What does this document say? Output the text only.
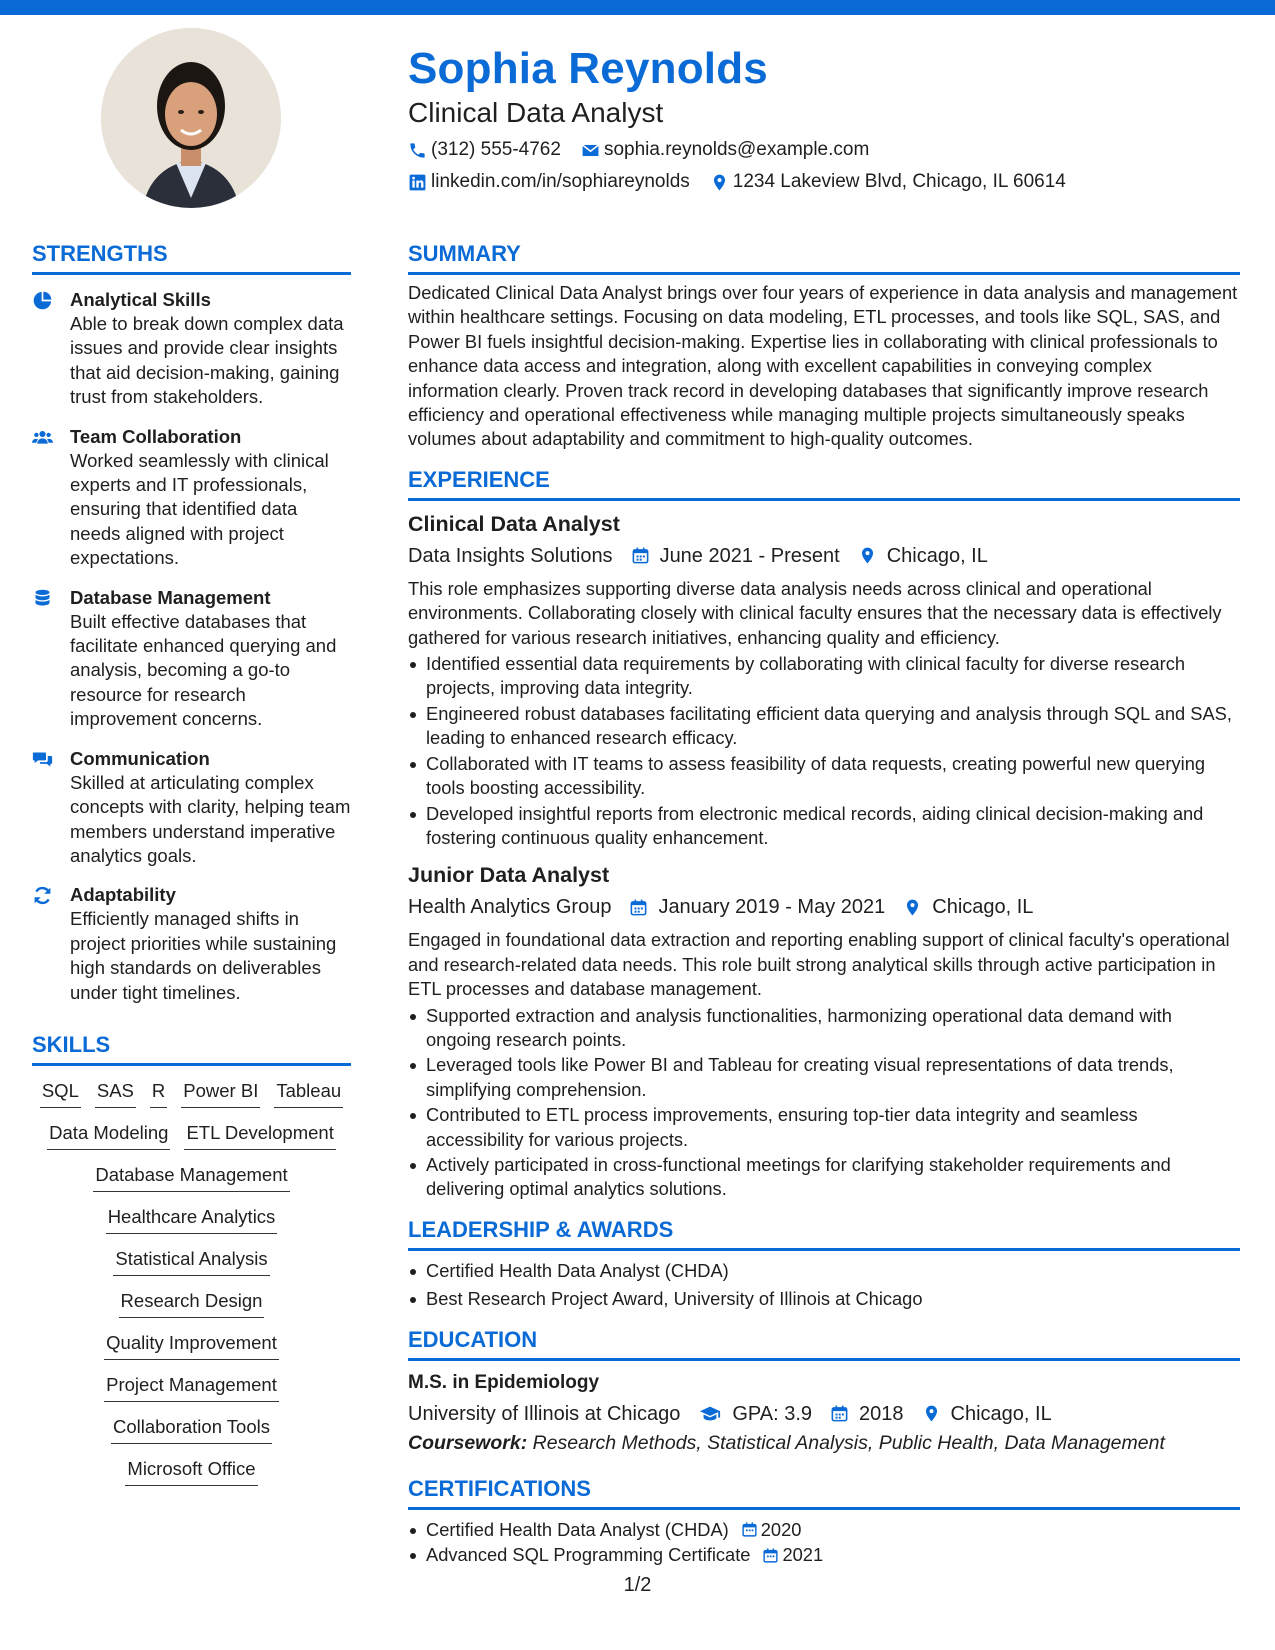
Sophia Reynolds
Clinical Data Analyst
(312) 555-4762 sophia.reynolds@example.com
linkedin.com/in/sophiareynolds 1234 Lakeview Blvd, Chicago, IL 60614
STRENGTHS
Analytical Skills
Able to break down complex data issues and provide clear insights that aid decision-making, gaining trust from stakeholders.
Team Collaboration
Worked seamlessly with clinical experts and IT professionals, ensuring that identified data needs aligned with project expectations.
Database Management
Built effective databases that facilitate enhanced querying and analysis, becoming a go-to resource for research improvement concerns.
Communication
Skilled at articulating complex concepts with clarity, helping team members understand imperative analytics goals.
Adaptability
Efficiently managed shifts in project priorities while sustaining high standards on deliverables under tight timelines.
SKILLS
SQL SAS R Power BI Tableau
Data Modeling ETL Development
Database Management
Healthcare Analytics
Statistical Analysis
Research Design
Quality Improvement
Project Management
Collaboration Tools
Microsoft Office
SUMMARY
Dedicated Clinical Data Analyst brings over four years of experience in data analysis and management within healthcare settings. Focusing on data modeling, ETL processes, and tools like SQL, SAS, and Power BI fuels insightful decision-making. Expertise lies in collaborating with clinical professionals to enhance data access and integration, along with excellent capabilities in conveying complex information clearly. Proven track record in developing databases that significantly improve research efficiency and operational effectiveness while managing multiple projects simultaneously speaks volumes about adaptability and commitment to high-quality outcomes.
EXPERIENCE
Clinical Data Analyst
Data Insights Solutions June 2021 - Present Chicago, IL
This role emphasizes supporting diverse data analysis needs across clinical and operational environments. Collaborating closely with clinical faculty ensures that the necessary data is effectively gathered for various research initiatives, enhancing quality and efficiency.
Identified essential data requirements by collaborating with clinical faculty for diverse research projects, improving data integrity.
Engineered robust databases facilitating efficient data querying and analysis through SQL and SAS, leading to enhanced research efficacy.
Collaborated with IT teams to assess feasibility of data requests, creating powerful new querying tools boosting accessibility.
Developed insightful reports from electronic medical records, aiding clinical decision-making and fostering continuous quality enhancement.
Junior Data Analyst
Health Analytics Group January 2019 - May 2021 Chicago, IL
Engaged in foundational data extraction and reporting enabling support of clinical faculty's operational and research-related data needs. This role built strong analytical skills through active participation in ETL processes and database management.
Supported extraction and analysis functionalities, harmonizing operational data demand with ongoing research points.
Leveraged tools like Power BI and Tableau for creating visual representations of data trends, simplifying comprehension.
Contributed to ETL process improvements, ensuring top-tier data integrity and seamless accessibility for various projects.
Actively participated in cross-functional meetings for clarifying stakeholder requirements and delivering optimal analytics solutions.
LEADERSHIP & AWARDS
Certified Health Data Analyst (CHDA)
Best Research Project Award, University of Illinois at Chicago
EDUCATION
M.S. in Epidemiology
University of Illinois at Chicago	GPA: 3.9 2018 Chicago, IL
Coursework: Research Methods, Statistical Analysis, Public Health, Data Management
CERTIFICATIONS
Certified Health Data Analyst (CHDA) 2020
Advanced SQL Programming Certificate 2021
1/2
